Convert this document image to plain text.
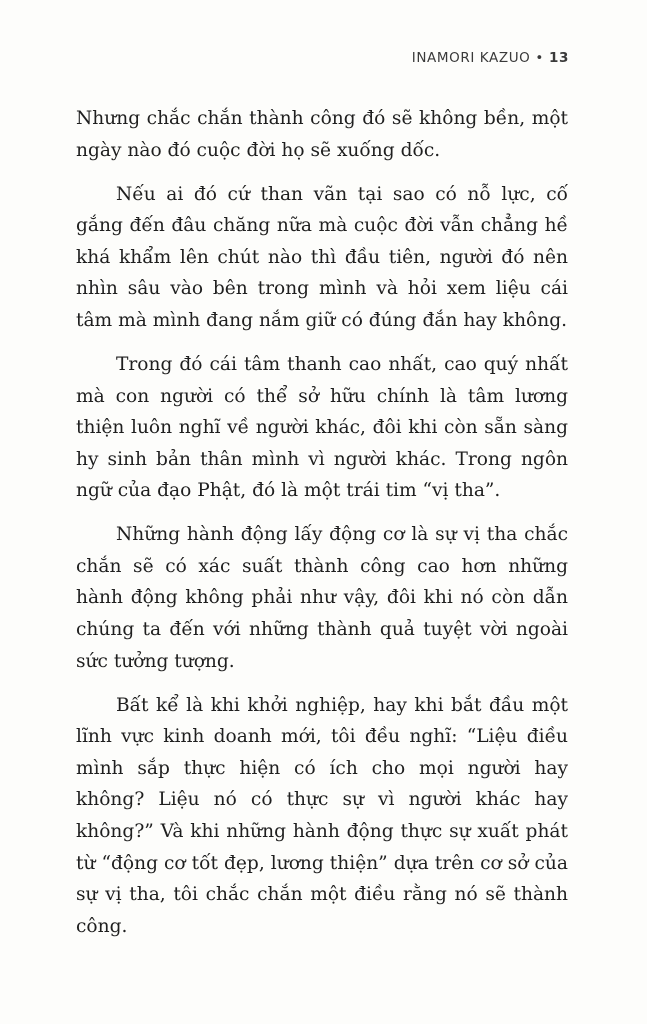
INAMORI KAZUO • 13

Nhưng chắc chắn thành công đó sẽ không bền, một ngày nào đó cuộc đời họ sẽ xuống dốc.

Nếu ai đó cứ than vãn tại sao có nỗ lực, cố gắng đến đâu chăng nữa mà cuộc đời vẫn chẳng hề khá khẩm lên chút nào thì đầu tiên, người đó nên nhìn sâu vào bên trong mình và hỏi xem liệu cái tâm mà mình đang nắm giữ có đúng đắn hay không.

Trong đó cái tâm thanh cao nhất, cao quý nhất mà con người có thể sở hữu chính là tâm lương thiện luôn nghĩ về người khác, đôi khi còn sẵn sàng hy sinh bản thân mình vì người khác. Trong ngôn ngữ của đạo Phật, đó là một trái tim “vị tha”.

Những hành động lấy động cơ là sự vị tha chắc chắn sẽ có xác suất thành công cao hơn những hành động không phải như vậy, đôi khi nó còn dẫn chúng ta đến với những thành quả tuyệt vời ngoài sức tưởng tượng.

Bất kể là khi khởi nghiệp, hay khi bắt đầu một lĩnh vực kinh doanh mới, tôi đều nghĩ: “Liệu điều mình sắp thực hiện có ích cho mọi người hay không? Liệu nó có thực sự vì người khác hay không?” Và khi những hành động thực sự xuất phát từ “động cơ tốt đẹp, lương thiện” dựa trên cơ sở của sự vị tha, tôi chắc chắn một điều rằng nó sẽ thành công.
